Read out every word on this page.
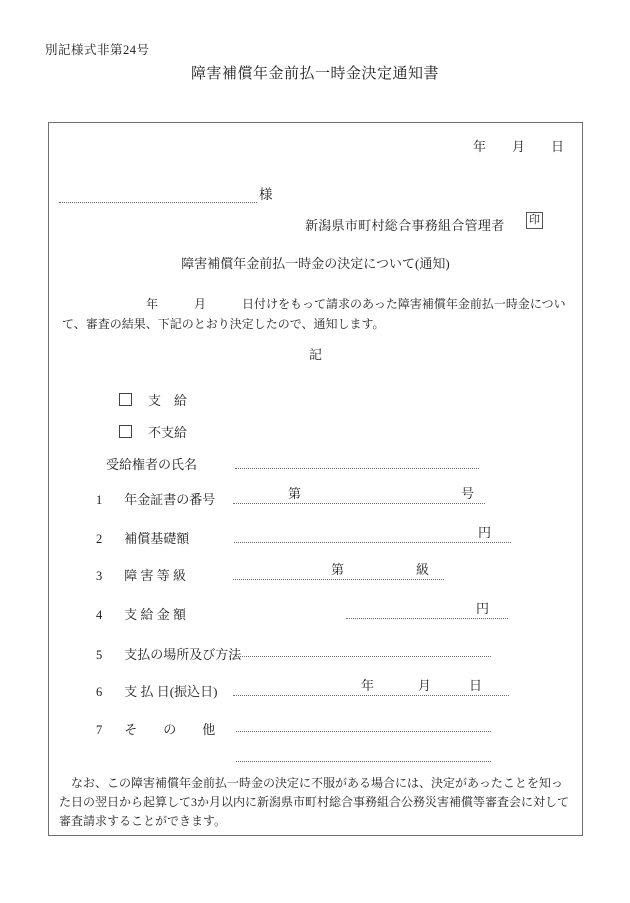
別記様式非第24号
障害補償年金前払一時金決定通知書
年　　月　　日
様
新潟県市町村総合事務組合管理者 印
障害補償年金前払一時金の決定について(通知)
　　　　　　　年　　　月　　　日付けをもって請求のあった障害補償年金前払一時金について、審査の結果、下記のとおり決定したので、通知します。
記
支　給
不支給
受給権者の氏名
1 年金証書の番号	第	号
2 補償基礎額	円
3 障 害 等 級	第	級
4 支 給 金 額	円
5 支払の場所及び方法
6 支 払 日(振込日)	年	月	日
7 そ　　の　　他
　なお、この障害補償年金前払一時金の決定に不服がある場合には、決定があったことを知った日の翌日から起算して3か月以内に新潟県市町村総合事務組合公務災害補償等審査会に対して審査請求することができます。
